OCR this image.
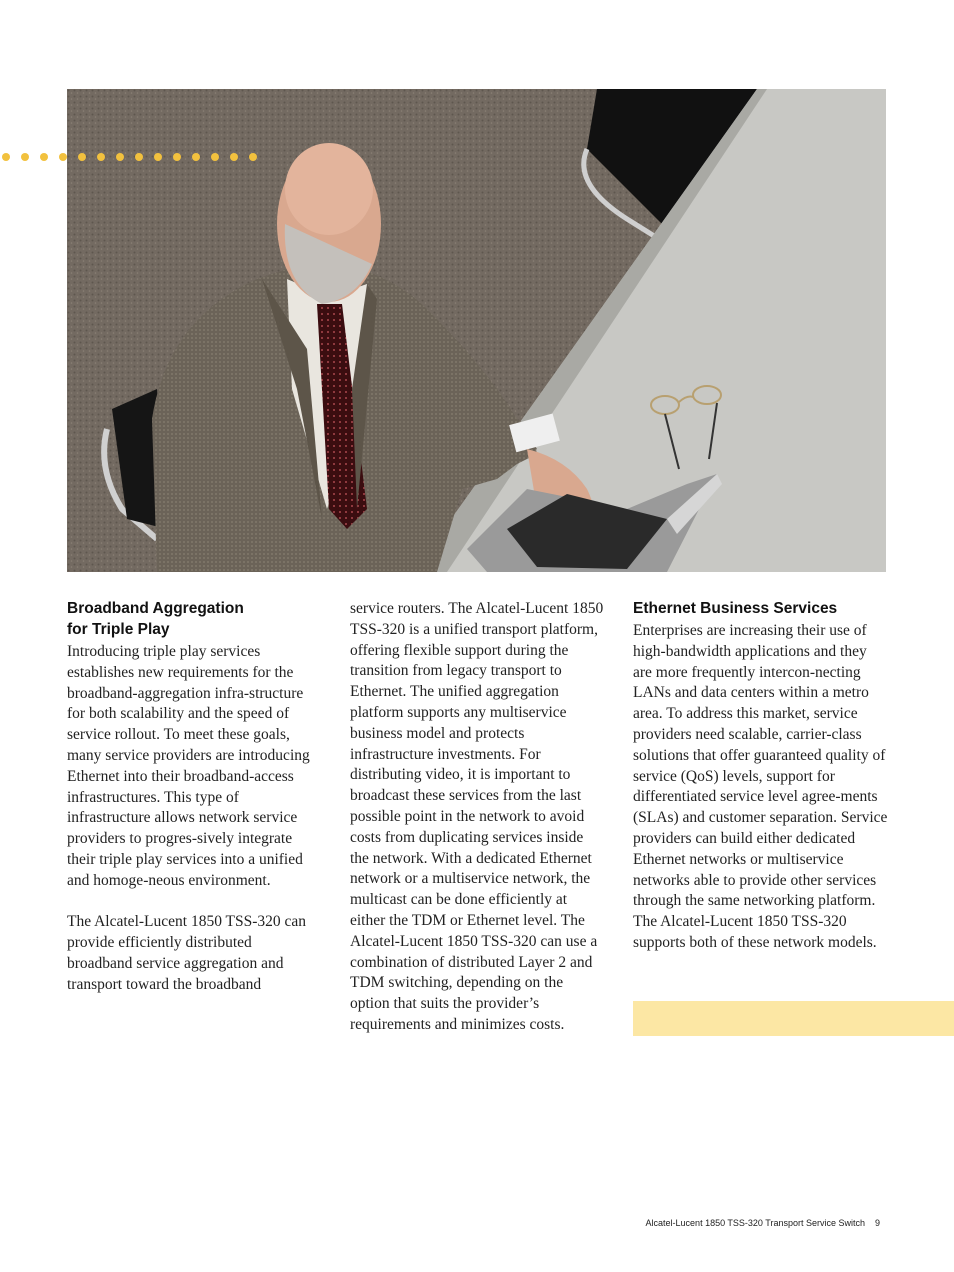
Broadband Aggregation
for Triple Play

Introducing triple play services establishes new requirements for the broadband-aggregation infra-structure for both scalability and the speed of service rollout. To meet these goals, many service providers are introducing Ethernet into their broadband-access infrastructures. This type of infrastructure allows network service providers to progres-sively integrate their triple play services into a unified and homoge-neous environment.

The Alcatel-Lucent 1850 TSS-320 can provide efficiently distributed broadband service aggregation and transport toward the broadband

service routers. The Alcatel-Lucent 1850 TSS-320 is a unified transport platform, offering flexible support during the transition from legacy transport to Ethernet. The unified aggregation platform supports any multiservice business model and protects infrastructure investments. For distributing video, it is important to broadcast these services from the last possible point in the network to avoid costs from duplicating services inside the network. With a dedicated Ethernet network or a multiservice network, the multicast can be done efficiently at either the TDM or Ethernet level. The Alcatel-Lucent 1850 TSS-320 can use a combination of distributed Layer 2 and TDM switching, depending on the option that suits the provider’s requirements and minimizes costs.

Ethernet Business Services

Enterprises are increasing their use of high-bandwidth applications and they are more frequently intercon-necting LANs and data centers within a metro area. To address this market, service providers need scalable, carrier-class solutions that offer guaranteed quality of service (QoS) levels, support for differentiated service level agree-ments (SLAs) and customer separation. Service providers can build either dedicated Ethernet networks or multiservice networks able to provide other services through the same networking platform. The Alcatel-Lucent 1850 TSS-320 supports both of these network models.

Alcatel-Lucent 1850 TSS-320 Transport Service Switch 9
